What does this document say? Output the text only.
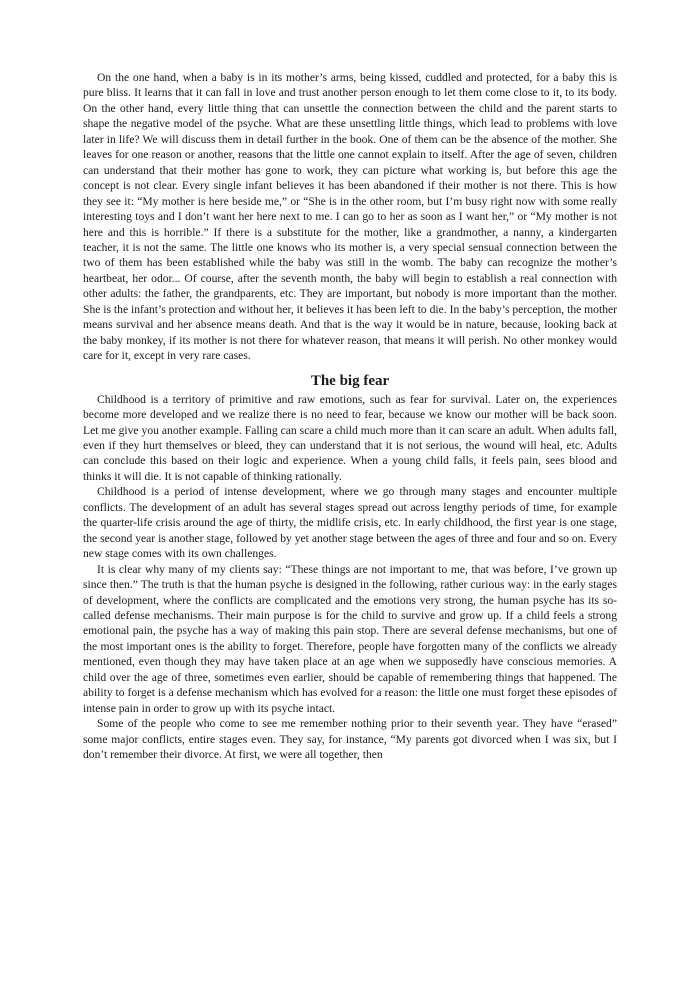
On the one hand, when a baby is in its mother’s arms, being kissed, cuddled and protected, for a baby this is pure bliss. It learns that it can fall in love and trust another person enough to let them come close to it, to its body. On the other hand, every little thing that can unsettle the connection between the child and the parent starts to shape the negative model of the psyche. What are these unsettling little things, which lead to problems with love later in life? We will discuss them in detail further in the book. One of them can be the absence of the mother. She leaves for one reason or another, reasons that the little one cannot explain to itself. After the age of seven, children can understand that their mother has gone to work, they can picture what working is, but before this age the concept is not clear. Every single infant believes it has been abandoned if their mother is not there. This is how they see it: “My mother is here beside me,” or “She is in the other room, but I’m busy right now with some really interesting toys and I don’t want her here next to me. I can go to her as soon as I want her,” or “My mother is not here and this is horrible.” If there is a substitute for the mother, like a grandmother, a nanny, a kindergarten teacher, it is not the same. The little one knows who its mother is, a very special sensual connection between the two of them has been established while the baby was still in the womb. The baby can recognize the mother’s heartbeat, her odor... Of course, after the seventh month, the baby will begin to establish a real connection with other adults: the father, the grandparents, etc. They are important, but nobody is more important than the mother. She is the infant’s protection and without her, it believes it has been left to die. In the baby’s perception, the mother means survival and her absence means death. And that is the way it would be in nature, because, looking back at the baby monkey, if its mother is not there for whatever reason, that means it will perish. No other monkey would care for it, except in very rare cases.

The big fear

Childhood is a territory of primitive and raw emotions, such as fear for survival. Later on, the experiences become more developed and we realize there is no need to fear, because we know our mother will be back soon. Let me give you another example. Falling can scare a child much more than it can scare an adult. When adults fall, even if they hurt themselves or bleed, they can understand that it is not serious, the wound will heal, etc. Adults can conclude this based on their logic and experience. When a young child falls, it feels pain, sees blood and thinks it will die. It is not capable of thinking rationally.

Childhood is a period of intense development, where we go through many stages and encounter multiple conflicts. The development of an adult has several stages spread out across lengthy periods of time, for example the quarter-life crisis around the age of thirty, the midlife crisis, etc. In early childhood, the first year is one stage, the second year is another stage, followed by yet another stage between the ages of three and four and so on. Every new stage comes with its own challenges.

It is clear why many of my clients say: “These things are not important to me, that was before, I’ve grown up since then.” The truth is that the human psyche is designed in the following, rather curious way: in the early stages of development, where the conflicts are complicated and the emotions very strong, the human psyche has its so-called defense mechanisms. Their main purpose is for the child to survive and grow up. If a child feels a strong emotional pain, the psyche has a way of making this pain stop. There are several defense mechanisms, but one of the most important ones is the ability to forget. Therefore, people have forgotten many of the conflicts we already mentioned, even though they may have taken place at an age when we supposedly have conscious memories. A child over the age of three, sometimes even earlier, should be capable of remembering things that happened. The ability to forget is a defense mechanism which has evolved for a reason: the little one must forget these episodes of intense pain in order to grow up with its psyche intact.

Some of the people who come to see me remember nothing prior to their seventh year. They have “erased” some major conflicts, entire stages even. They say, for instance, “My parents got divorced when I was six, but I don’t remember their divorce. At first, we were all together, then
